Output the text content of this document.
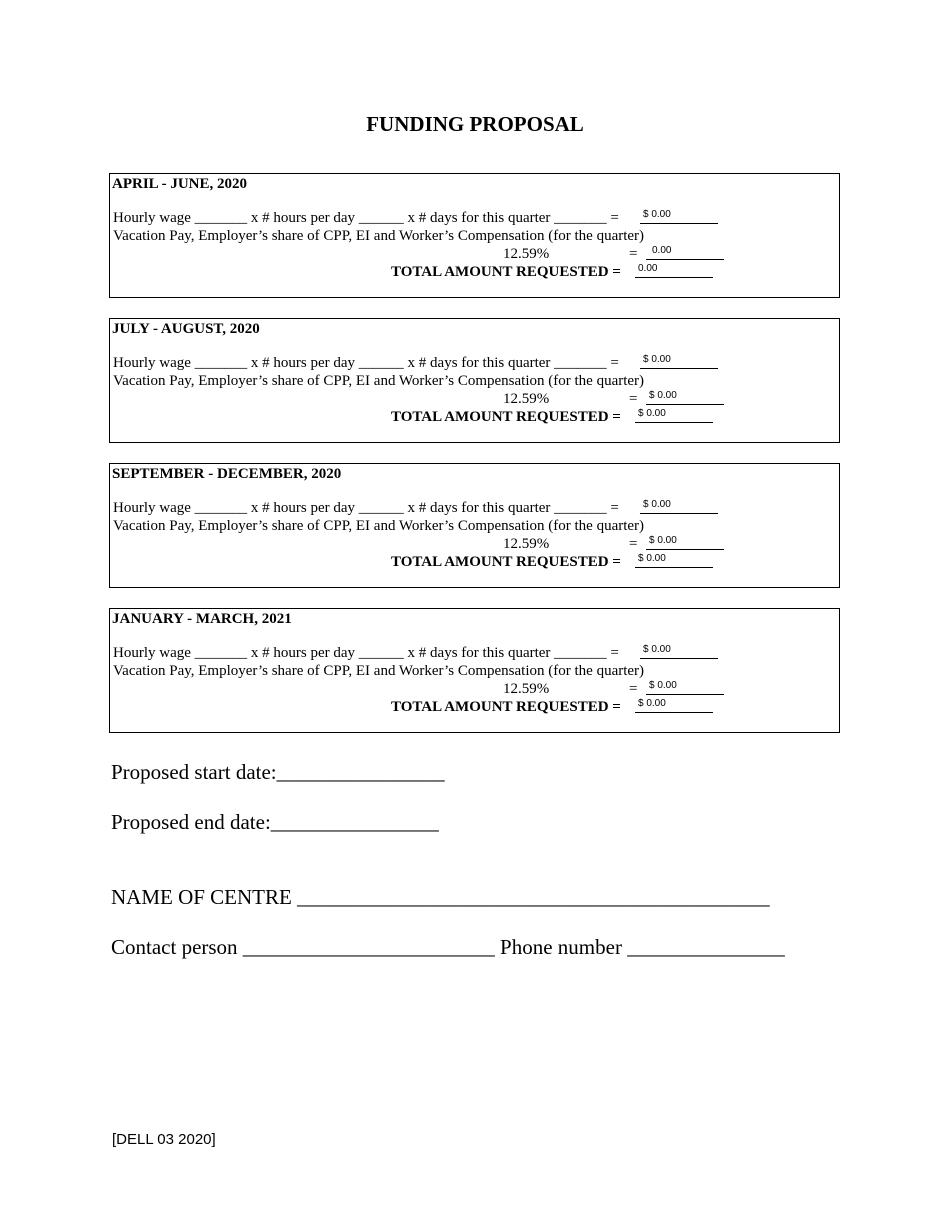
FUNDING PROPOSAL
APRIL - JUNE, 2020
Hourly wage _______ x # hours per day ______ x # days for this quarter _______ =	$ 0.00
Vacation Pay, Employer’s share of CPP, EI and Worker’s Compensation (for the quarter)
12.59%	=	0.00
TOTAL AMOUNT REQUESTED =	0.00
JULY - AUGUST, 2020
Hourly wage _______ x # hours per day ______ x # days for this quarter _______ =	$ 0.00
Vacation Pay, Employer’s share of CPP, EI and Worker’s Compensation (for the quarter)
12.59%	=	$ 0.00
TOTAL AMOUNT REQUESTED =	$ 0.00
SEPTEMBER - DECEMBER, 2020
Hourly wage _______ x # hours per day ______ x # days for this quarter _______ =	$ 0.00
Vacation Pay, Employer’s share of CPP, EI and Worker’s Compensation (for the quarter)
12.59%	=	$ 0.00
TOTAL AMOUNT REQUESTED =	$ 0.00
JANUARY - MARCH, 2021
Hourly wage _______ x # hours per day ______ x # days for this quarter _______ =	$ 0.00
Vacation Pay, Employer’s share of CPP, EI and Worker’s Compensation (for the quarter)
12.59%	=	$ 0.00
TOTAL AMOUNT REQUESTED =	$ 0.00
Proposed start date:________________
Proposed end date:________________
NAME OF CENTRE _____________________________________________
Contact person ________________________ Phone number _______________
[DELL 03 2020]
